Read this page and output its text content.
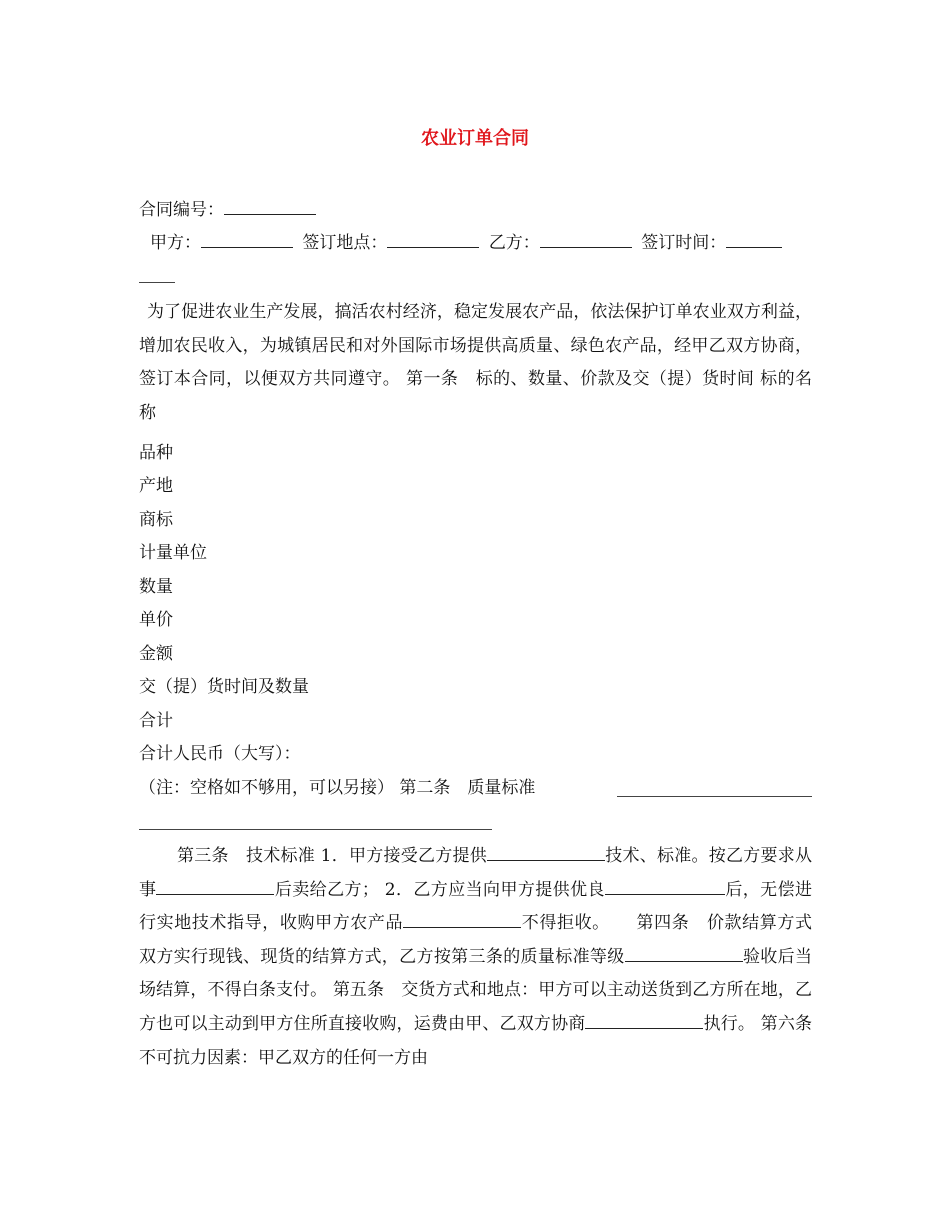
农业订单合同
合同编号：
甲方：	签订地点：	乙方：	签订时间：
为了促进农业生产发展，搞活农村经济，稳定发展农产品，依法保护订单农业双方利益，增加农民收入，为城镇居民和对外国际市场提供高质量、绿色农产品，经甲乙双方协商，签订本合同，以便双方共同遵守。 第一条　标的、数量、价款及交（提）货时间 标的名称
品种
产地
商标
计量单位
数量
单价
金额
交（提）货时间及数量
合计
合计人民币（大写）：
（注：空格如不够用，可以另接） 第二条　质量标准
第三条　技术标准 1．甲方接受乙方提供	技术、标准。按乙方要求从事	后卖给乙方； 2．乙方应当向甲方提供优良	后，无偿进行实地技术指导，收购甲方农产品	不得拒收。　　第四条　价款结算方式 双方实行现钱、现货的结算方式，乙方按第三条的质量标准等级	验收后当场结算，不得白条支付。 第五条　交货方式和地点：甲方可以主动送货到乙方所在地，乙方也可以主动到甲方住所直接收购，运费由甲、乙双方协商	执行。 第六条　不可抗力因素：甲乙双方的任何一方由
